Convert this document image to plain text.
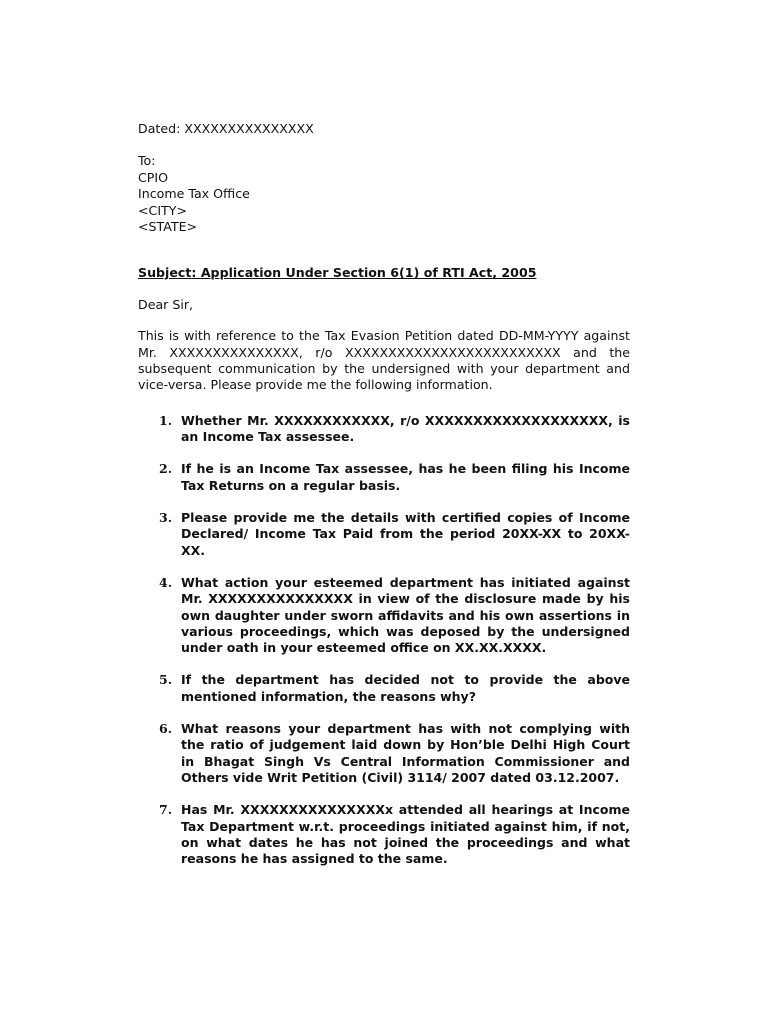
Dated: XXXXXXXXXXXXXXX

To:

CPIO

Income Tax Office

<CITY>

<STATE>

Subject: Application Under Section 6(1) of RTI Act, 2005

Dear Sir,

This is with reference to the Tax Evasion Petition dated DD-MM-YYYY against Mr. XXXXXXXXXXXXXXX, r/o XXXXXXXXXXXXXXXXXXXXXXXXX and the subsequent communication by the undersigned with your department and vice-versa. Please provide me the following information.

1. Whether Mr. XXXXXXXXXXXX, r/o XXXXXXXXXXXXXXXXXXX, is an Income Tax assessee.
2. If he is an Income Tax assessee, has he been filing his Income Tax Returns on a regular basis.
3. Please provide me the details with certified copies of Income Declared/ Income Tax Paid from the period 20XX-XX to 20XX-XX.
4. What action your esteemed department has initiated against Mr. XXXXXXXXXXXXXXX in view of the disclosure made by his own daughter under sworn affidavits and his own assertions in various proceedings, which was deposed by the undersigned under oath in your esteemed office on XX.XX.XXXX.
5. If the department has decided not to provide the above mentioned information, the reasons why?
6. What reasons your department has with not complying with the ratio of judgement laid down by Hon’ble Delhi High Court in Bhagat Singh Vs Central Information Commissioner and Others vide Writ Petition (Civil) 3114/ 2007 dated 03.12.2007.
7. Has Mr. XXXXXXXXXXXXXXXx attended all hearings at Income Tax Department w.r.t. proceedings initiated against him, if not, on what dates he has not joined the proceedings and what reasons he has assigned to the same.
